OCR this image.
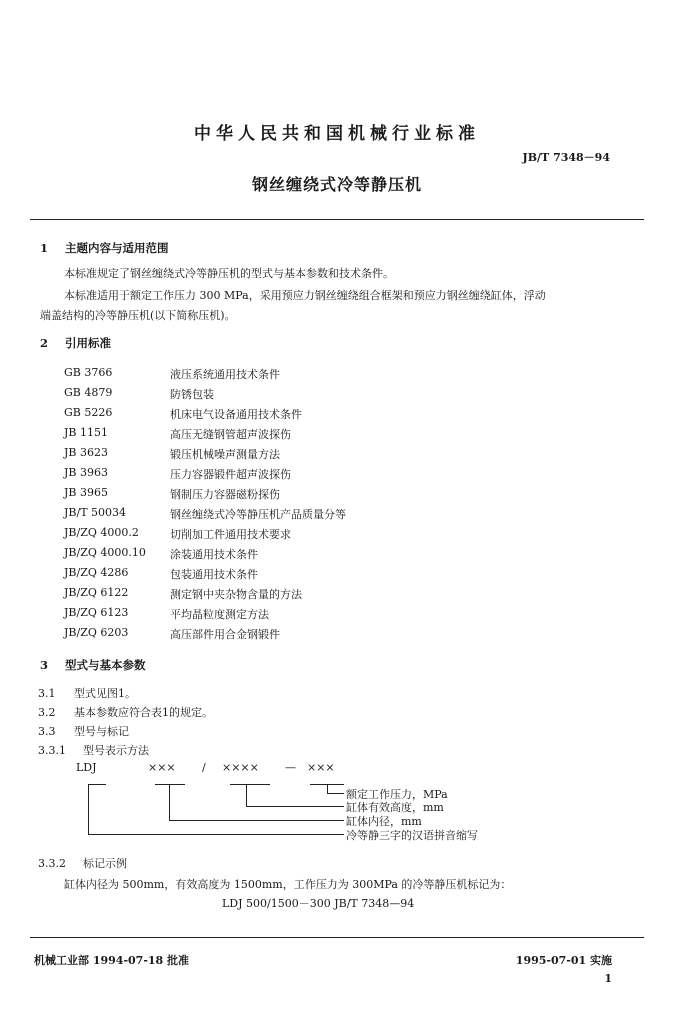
中华人民共和国机械行业标准
JB/T 7348－94
钢丝缠绕式冷等静压机
1 主题内容与适用范围
本标准规定了钢丝缠绕式冷等静压机的型式与基本参数和技术条件。
本标准适用于额定工作压力 300 MPa，采用预应力钢丝缠绕组合框架和预应力钢丝缠绕缸体，浮动
端盖结构的冷等静压机(以下简称压机)。
2 引用标准
GB 3766	液压系统通用技术条件
GB 4879	防锈包装
GB 5226	机床电气设备通用技术条件
JB 1151	高压无缝钢管超声波探伤
JB 3623	锻压机械噪声测量方法
JB 3963	压力容器锻件超声波探伤
JB 3965	钢制压力容器磁粉探伤
JB/T 50034	钢丝缠绕式冷等静压机产品质量分等
JB/ZQ 4000.2	切削加工件通用技术要求
JB/ZQ 4000.10 涂装通用技术条件
JB/ZQ 4286	包装通用技术条件
JB/ZQ 6122	测定钢中夹杂物含量的方法
JB/ZQ 6123	平均晶粒度测定方法
JB/ZQ 6203	高压部件用合金钢锻件
3 型式与基本参数
3.1 型式见图1。
3.2 基本参数应符合表1的规定。
3.3 型号与标记
3.3.1 型号表示方法
LDJ	××× / ×××× — ×××
额定工作压力，MPa
缸体有效高度，mm
缸体内径，mm
冷等静三字的汉语拼音缩写
3.3.2 标记示例
缸体内径为 500mm，有效高度为 1500mm，工作压力为 300MPa 的冷等静压机标记为：
LDJ 500/1500－300 JB/T 7348—94
机械工业部 1994-07-18 批准	1995-07-01 实施
1
